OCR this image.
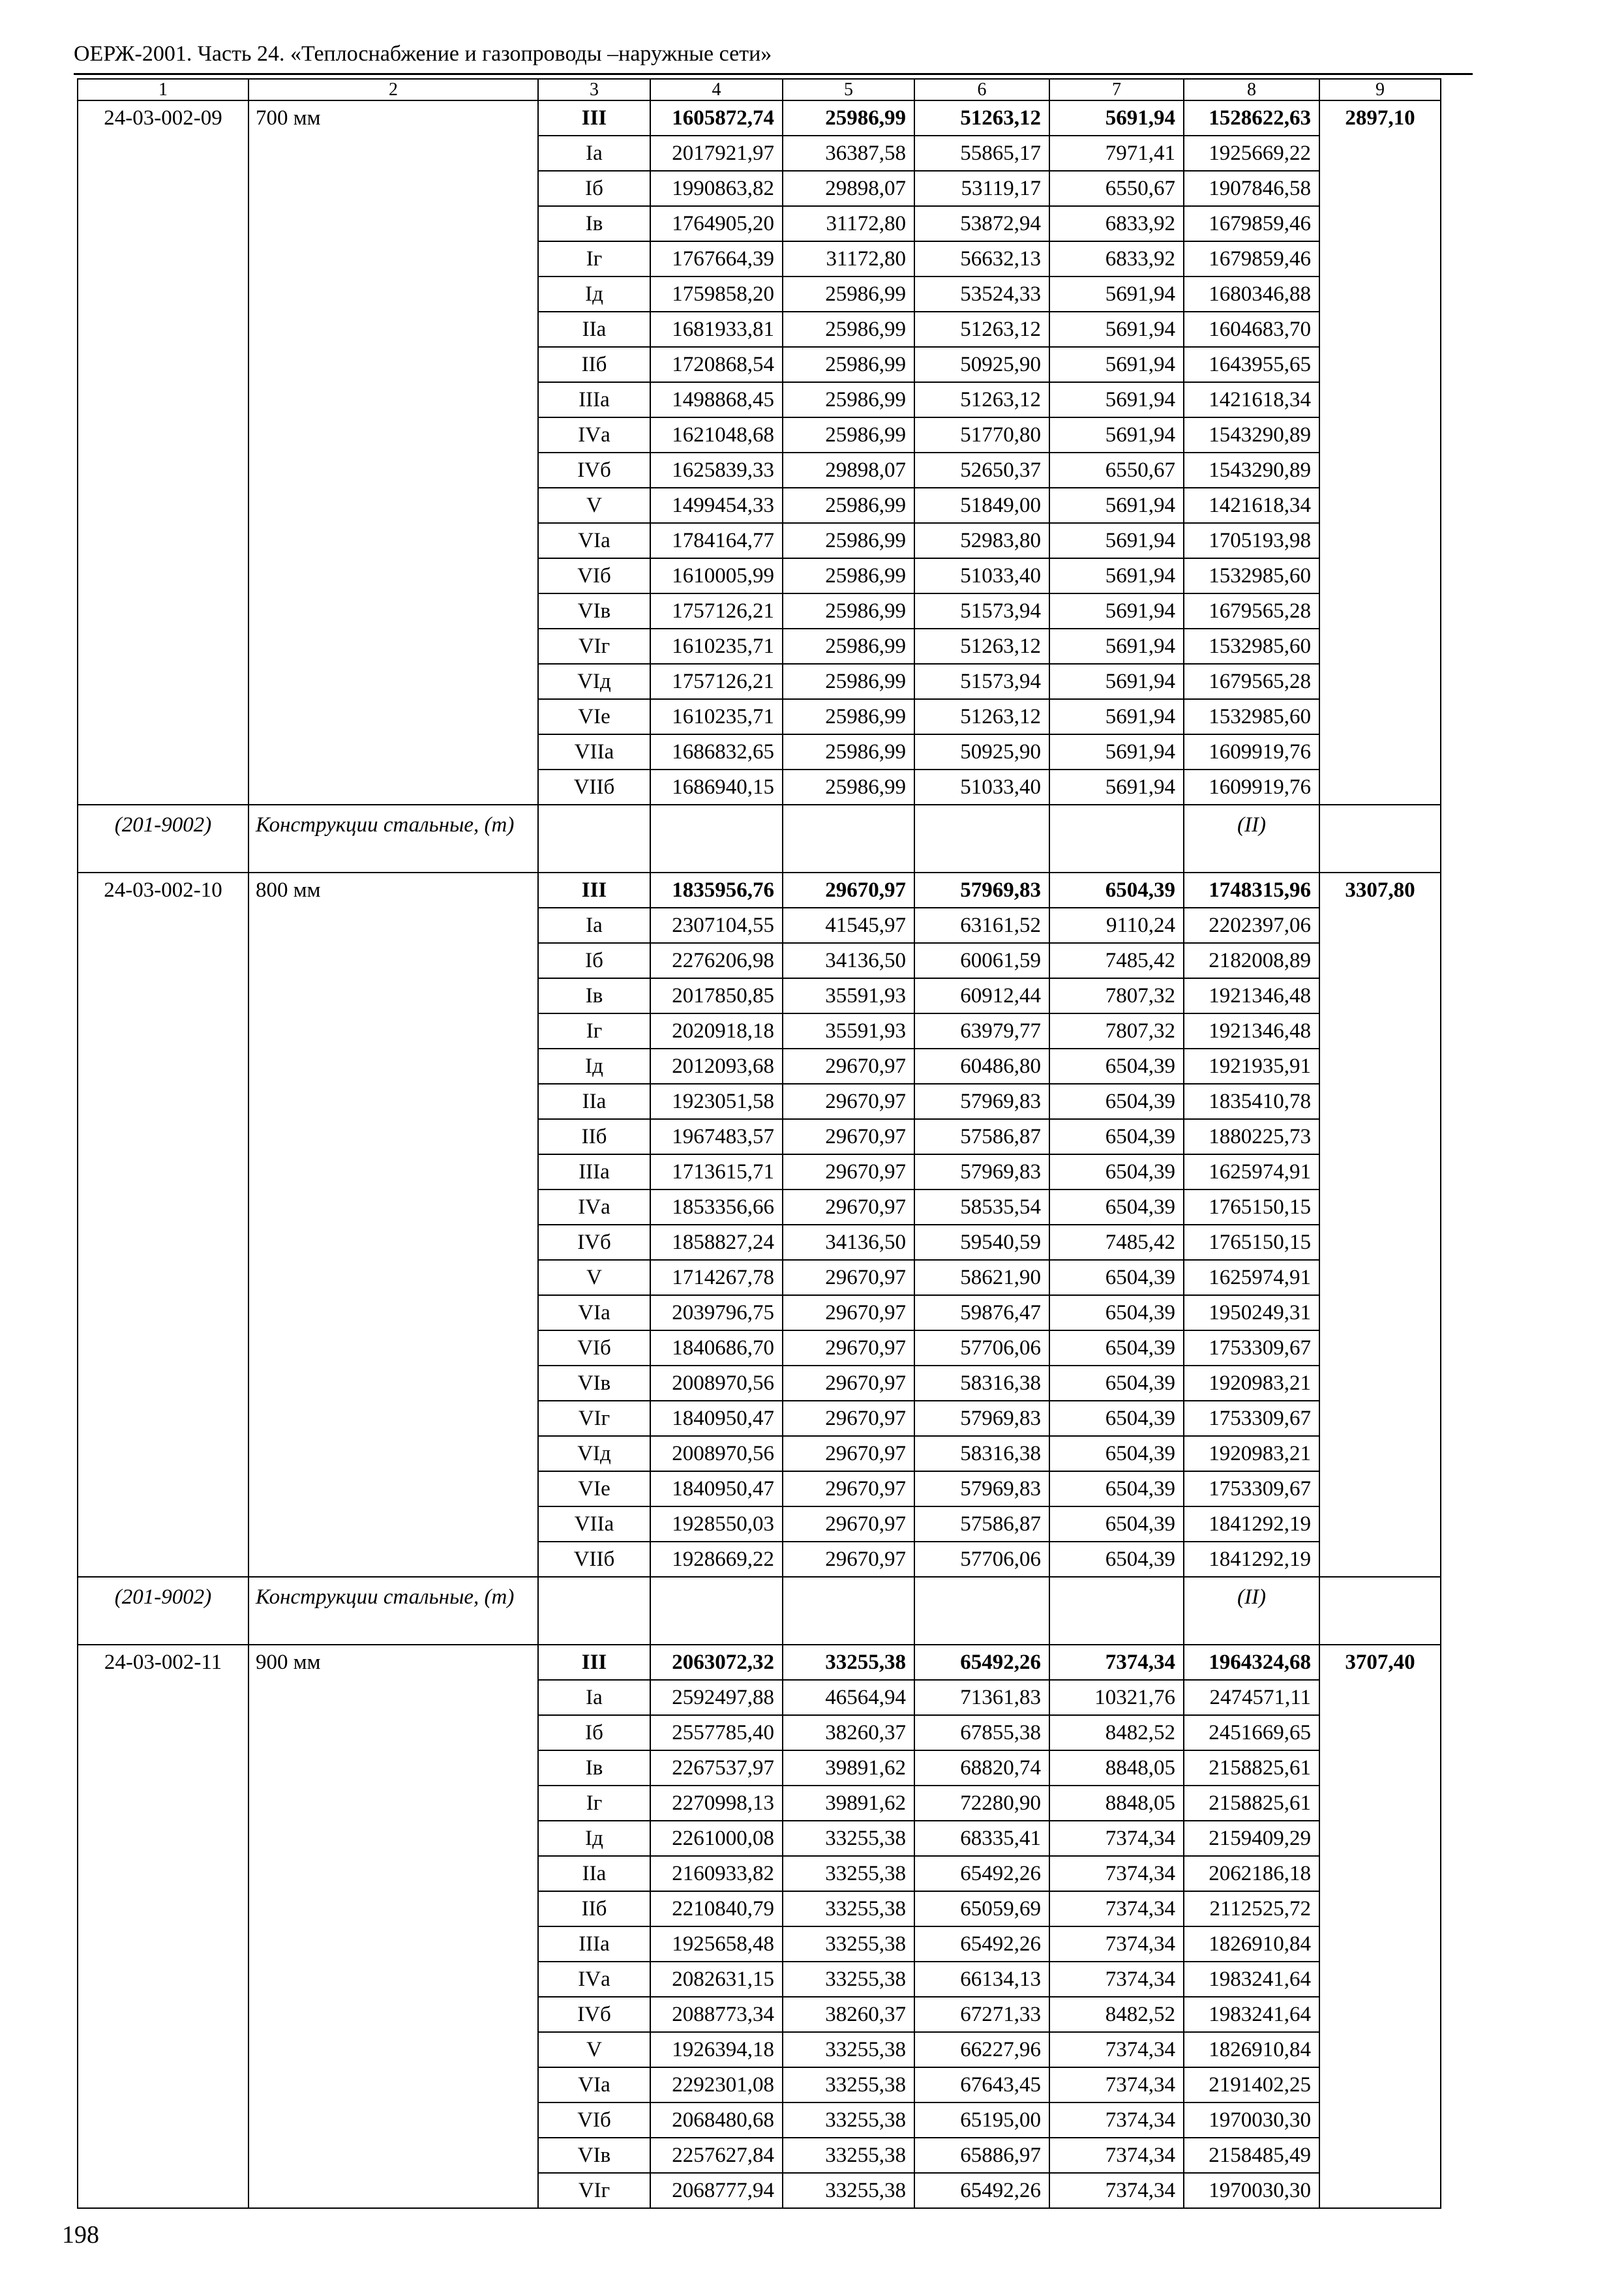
ОЕРЖ-2001. Часть 24. «Теплоснабжение и газопроводы –наружные сети»
1	2	3	4	5	6	7	8	9
24-03-002-09	700 мм	III	1605872,74	25986,99	51263,12	5691,94	1528622,63	2897,10
		Iа	2017921,97	36387,58	55865,17	7971,41	1925669,22	
		Iб	1990863,82	29898,07	53119,17	6550,67	1907846,58	
		Iв	1764905,20	31172,80	53872,94	6833,92	1679859,46	
		Iг	1767664,39	31172,80	56632,13	6833,92	1679859,46	
		Iд	1759858,20	25986,99	53524,33	5691,94	1680346,88	
		IIа	1681933,81	25986,99	51263,12	5691,94	1604683,70	
		IIб	1720868,54	25986,99	50925,90	5691,94	1643955,65	
		IIIа	1498868,45	25986,99	51263,12	5691,94	1421618,34	
		IVа	1621048,68	25986,99	51770,80	5691,94	1543290,89	
		IVб	1625839,33	29898,07	52650,37	6550,67	1543290,89	
		V	1499454,33	25986,99	51849,00	5691,94	1421618,34	
		VIа	1784164,77	25986,99	52983,80	5691,94	1705193,98	
		VIб	1610005,99	25986,99	51033,40	5691,94	1532985,60	
		VIв	1757126,21	25986,99	51573,94	5691,94	1679565,28	
		VIг	1610235,71	25986,99	51263,12	5691,94	1532985,60	
		VIд	1757126,21	25986,99	51573,94	5691,94	1679565,28	
		VIе	1610235,71	25986,99	51263,12	5691,94	1532985,60	
		VIIа	1686832,65	25986,99	50925,90	5691,94	1609919,76	
		VIIб	1686940,15	25986,99	51033,40	5691,94	1609919,76	
(201-9002)	Конструкции стальные, (т)						(II)	
24-03-002-10	800 мм	III	1835956,76	29670,97	57969,83	6504,39	1748315,96	3307,80
		Iа	2307104,55	41545,97	63161,52	9110,24	2202397,06	
		Iб	2276206,98	34136,50	60061,59	7485,42	2182008,89	
		Iв	2017850,85	35591,93	60912,44	7807,32	1921346,48	
		Iг	2020918,18	35591,93	63979,77	7807,32	1921346,48	
		Iд	2012093,68	29670,97	60486,80	6504,39	1921935,91	
		IIа	1923051,58	29670,97	57969,83	6504,39	1835410,78	
		IIб	1967483,57	29670,97	57586,87	6504,39	1880225,73	
		IIIа	1713615,71	29670,97	57969,83	6504,39	1625974,91	
		IVа	1853356,66	29670,97	58535,54	6504,39	1765150,15	
		IVб	1858827,24	34136,50	59540,59	7485,42	1765150,15	
		V	1714267,78	29670,97	58621,90	6504,39	1625974,91	
		VIа	2039796,75	29670,97	59876,47	6504,39	1950249,31	
		VIб	1840686,70	29670,97	57706,06	6504,39	1753309,67	
		VIв	2008970,56	29670,97	58316,38	6504,39	1920983,21	
		VIг	1840950,47	29670,97	57969,83	6504,39	1753309,67	
		VIд	2008970,56	29670,97	58316,38	6504,39	1920983,21	
		VIе	1840950,47	29670,97	57969,83	6504,39	1753309,67	
		VIIа	1928550,03	29670,97	57586,87	6504,39	1841292,19	
		VIIб	1928669,22	29670,97	57706,06	6504,39	1841292,19	
(201-9002)	Конструкции стальные, (т)						(II)	
24-03-002-11	900 мм	III	2063072,32	33255,38	65492,26	7374,34	1964324,68	3707,40
		Iа	2592497,88	46564,94	71361,83	10321,76	2474571,11	
		Iб	2557785,40	38260,37	67855,38	8482,52	2451669,65	
		Iв	2267537,97	39891,62	68820,74	8848,05	2158825,61	
		Iг	2270998,13	39891,62	72280,90	8848,05	2158825,61	
		Iд	2261000,08	33255,38	68335,41	7374,34	2159409,29	
		IIа	2160933,82	33255,38	65492,26	7374,34	2062186,18	
		IIб	2210840,79	33255,38	65059,69	7374,34	2112525,72	
		IIIа	1925658,48	33255,38	65492,26	7374,34	1826910,84	
		IVа	2082631,15	33255,38	66134,13	7374,34	1983241,64	
		IVб	2088773,34	38260,37	67271,33	8482,52	1983241,64	
		V	1926394,18	33255,38	66227,96	7374,34	1826910,84	
		VIа	2292301,08	33255,38	67643,45	7374,34	2191402,25	
		VIб	2068480,68	33255,38	65195,00	7374,34	1970030,30	
		VIв	2257627,84	33255,38	65886,97	7374,34	2158485,49	
		VIг	2068777,94	33255,38	65492,26	7374,34	1970030,30	
198
